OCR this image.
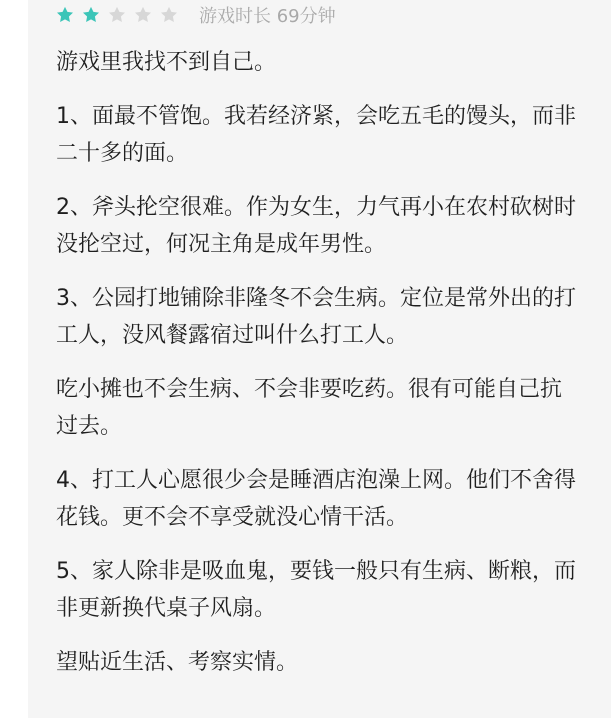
游戏时长 69分钟

游戏里我找不到自己。

1、面最不管饱。我若经济紧，会吃五毛的馒头，而非二十多的面。

2、斧头抡空很难。作为女生，力气再小在农村砍树时没抡空过，何况主角是成年男性。

3、公园打地铺除非隆冬不会生病。定位是常外出的打工人，没风餐露宿过叫什么打工人。

吃小摊也不会生病、不会非要吃药。很有可能自己抗过去。

4、打工人心愿很少会是睡酒店泡澡上网。他们不舍得花钱。更不会不享受就没心情干活。

5、家人除非是吸血鬼，要钱一般只有生病、断粮，而非更新换代桌子风扇。

望贴近生活、考察实情。
